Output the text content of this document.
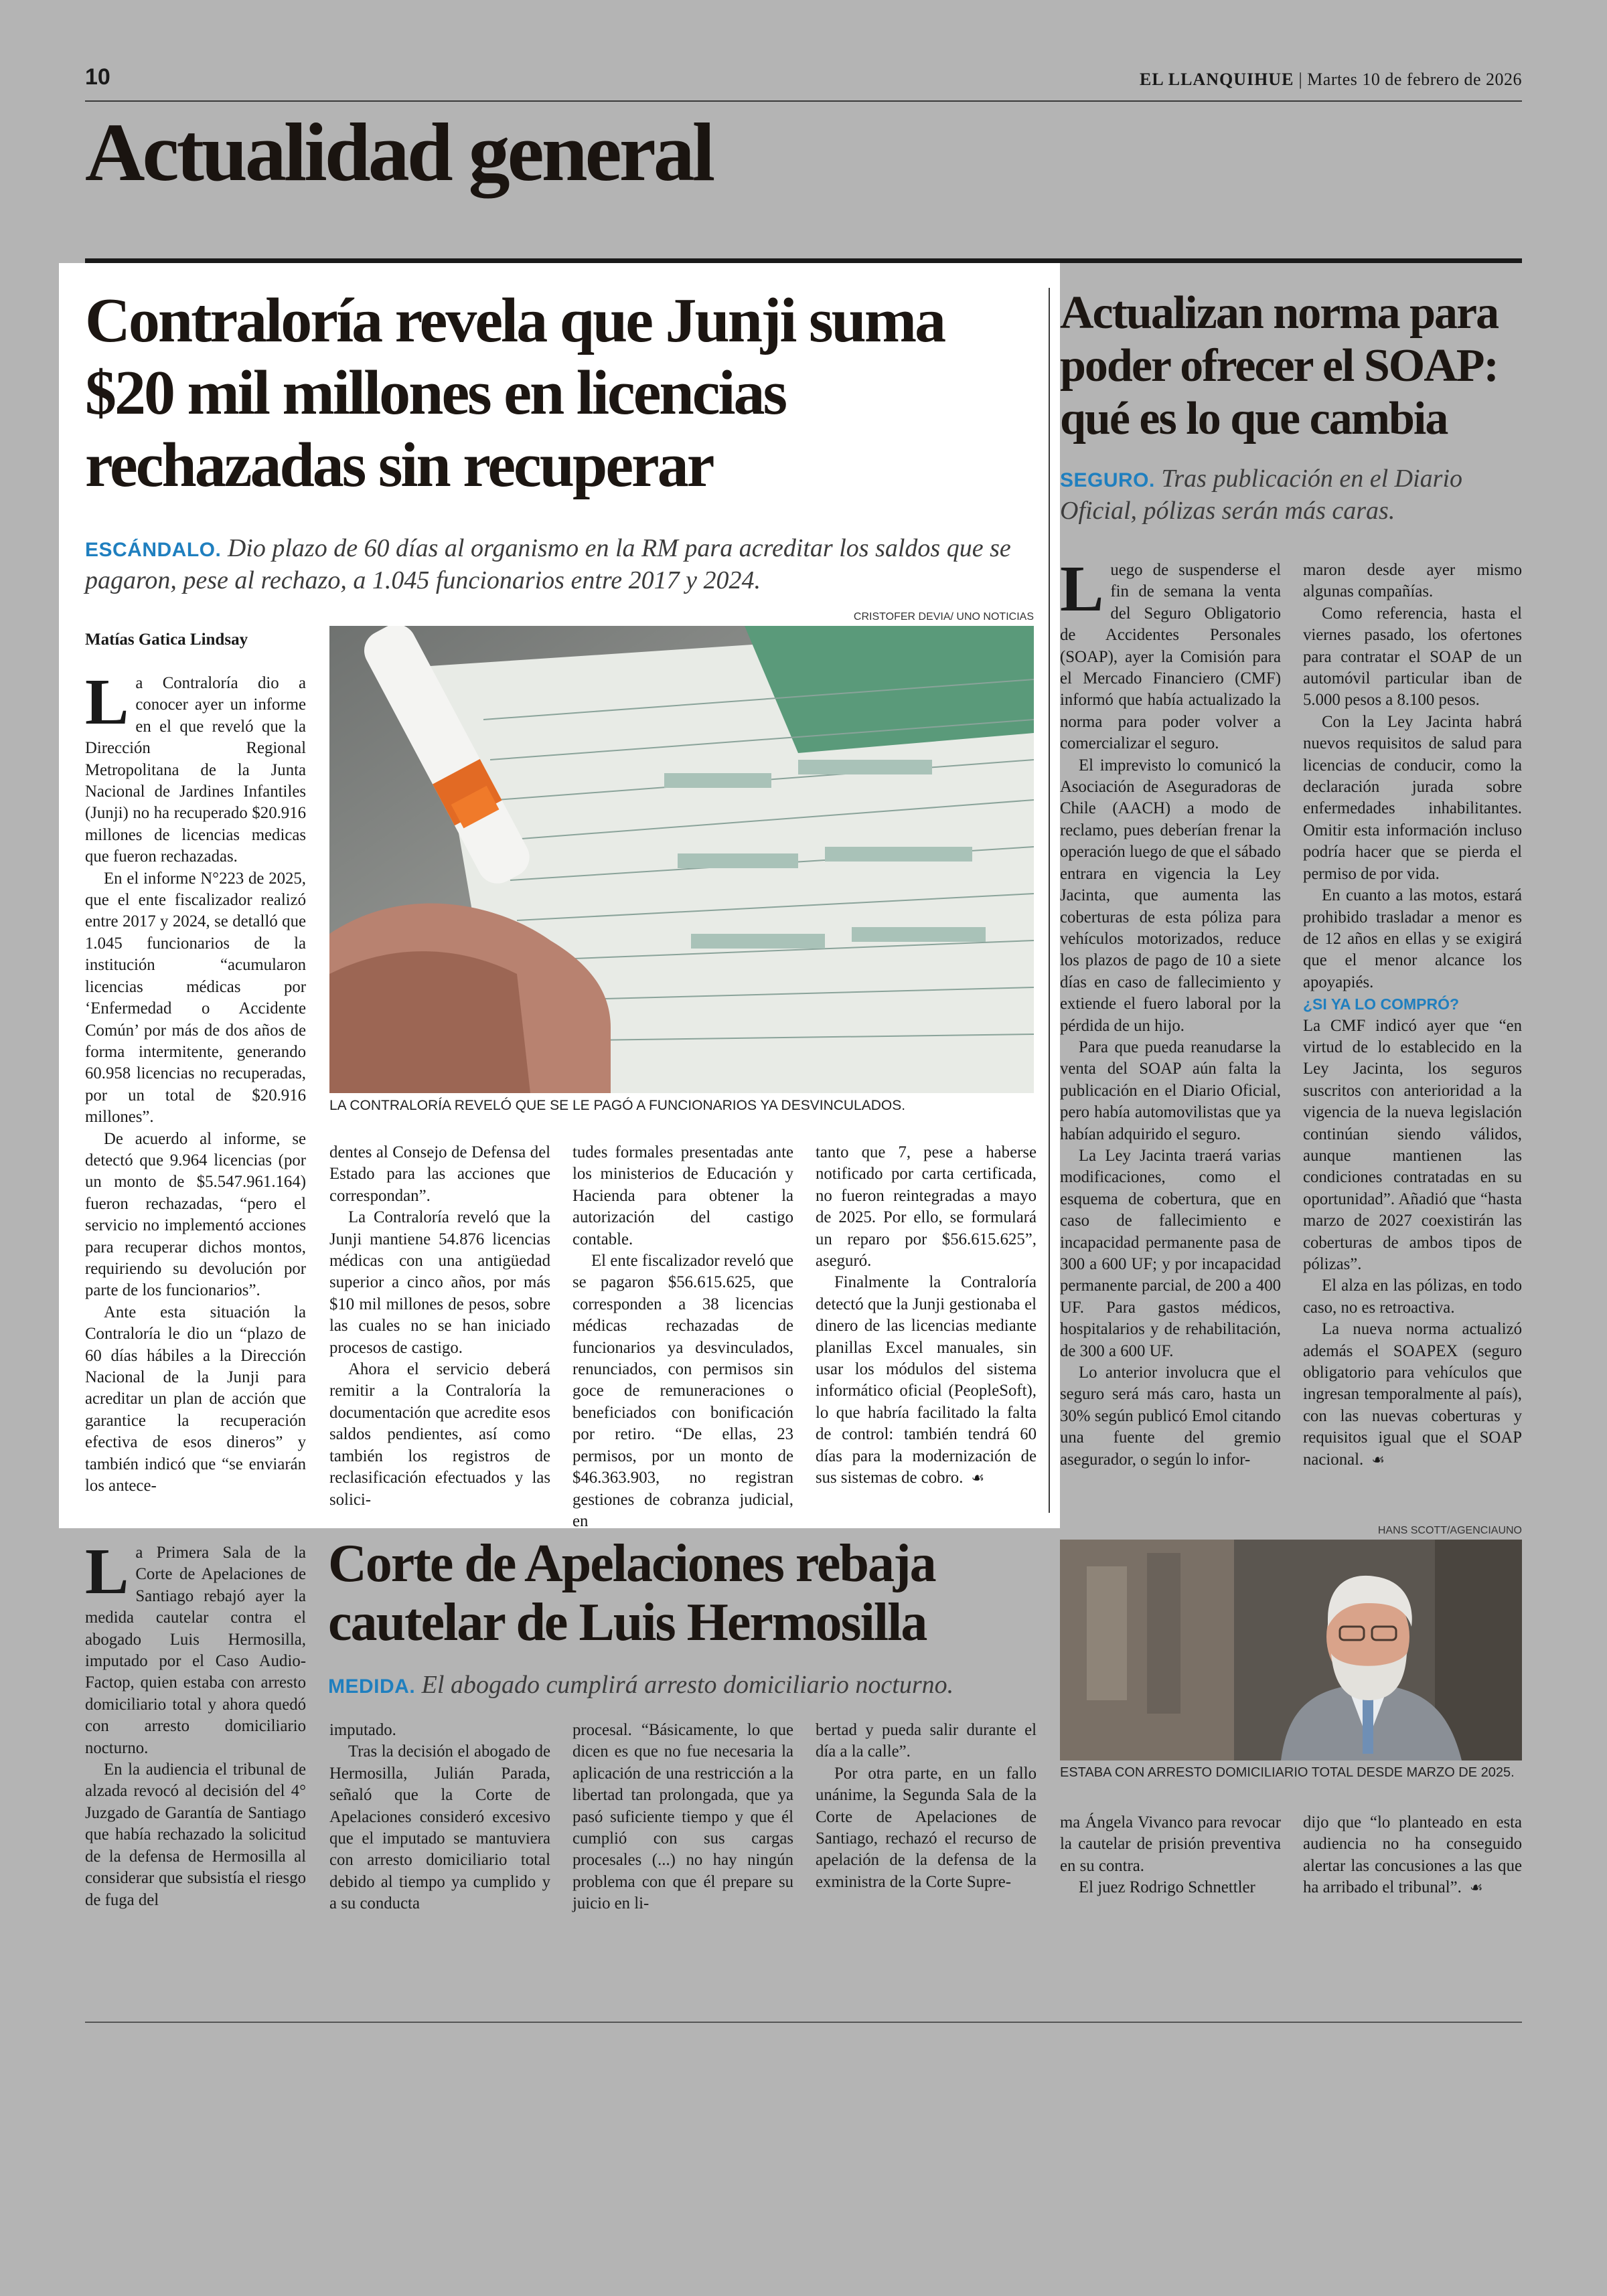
10	EL LLANQUIHUE | Martes 10 de febrero de 2026
Actualidad general
Contraloría revela que Junji suma $20 mil millones en licencias rechazadas sin recuperar
ESCÁNDALO. Dio plazo de 60 días al organismo en la RM para acreditar los saldos que se pagaron, pese al rechazo, a 1.045 funcionarios entre 2017 y 2024.
Matías Gatica Lindsay
CRISTOFER DEVIA/ UNO NOTICIAS
LA CONTRALORÍA REVELÓ QUE SE LE PAGÓ A FUNCIONARIOS YA DESVINCULADOS.

La Contraloría dio a conocer ayer un informe en el que reveló que la Dirección Regional Metropolitana de la Junta Nacional de Jardines Infantiles (Junji) no ha recuperado $20.916 millones de licencias medicas que fueron rechazadas.

En el informe N°223 de 2025, que el ente fiscalizador realizó entre 2017 y 2024, se detalló que 1.045 funcionarios de la institución “acumularon licencias médicas por ‘Enfermedad o Accidente Común’ por más de dos años de forma intermitente, generando 60.958 licencias no recuperadas, por un total de $20.916 millones”.

De acuerdo al informe, se detectó que 9.964 licencias (por un monto de $5.547.961.164) fueron rechazadas, “pero el servicio no implementó acciones para recuperar dichos montos, requiriendo su devolución por parte de los funcionarios”.

Ante esta situación la Contraloría le dio un “plazo de 60 días hábiles a la Dirección Nacional de la Junji para acreditar un plan de acción que garantice la recuperación efectiva de esos dineros” y también indicó que “se enviarán los antece-

dentes al Consejo de Defensa del Estado para las acciones que correspondan”.

La Contraloría reveló que la Junji mantiene 54.876 licencias médicas con una antigüedad superior a cinco años, por más $10 mil millones de pesos, sobre las cuales no se han iniciado procesos de castigo.

Ahora el servicio deberá remitir a la Contraloría la documentación que acredite esos saldos pendientes, así como también los registros de reclasificación efectuados y las solici-

tudes formales presentadas ante los ministerios de Educación y Hacienda para obtener la autorización del castigo contable.

El ente fiscalizador reveló que se pagaron $56.615.625, que corresponden a 38 licencias médicas rechazadas de funcionarios ya desvinculados, renunciados, con permisos sin goce de remuneraciones o beneficiados con bonificación por retiro. “De ellas, 23 permisos, por un monto de $46.363.903, no registran gestiones de cobranza judicial, en

tanto que 7, pese a haberse notificado por carta certificada, no fueron reintegradas a mayo de 2025. Por ello, se formulará un reparo por $56.615.625”, aseguró.

Finalmente la Contraloría detectó que la Junji gestionaba el dinero de las licencias mediante planillas Excel manuales, sin usar los módulos del sistema informático oficial (PeopleSoft), lo que habría facilitado la falta de control: también tendrá 60 días para la modernización de sus sistemas de cobro. ☙

Actualizan norma para poder ofrecer el SOAP: qué es lo que cambia
SEGURO. Tras publicación en el Diario Oficial, pólizas serán más caras.

Luego de suspenderse el fin de semana la venta del Seguro Obligatorio de Accidentes Personales (SOAP), ayer la Comisión para el Mercado Financiero (CMF) informó que había actualizado la norma para poder volver a comercializar el seguro.

El imprevisto lo comunicó la Asociación de Aseguradoras de Chile (AACH) a modo de reclamo, pues deberían frenar la operación luego de que el sábado entrara en vigencia la Ley Jacinta, que aumenta las coberturas de esta póliza para vehículos motorizados, reduce los plazos de pago de 10 a siete días en caso de fallecimiento y extiende el fuero laboral por la pérdida de un hijo.

Para que pueda reanudarse la venta del SOAP aún falta la publicación en el Diario Oficial, pero había automovilistas que ya habían adquirido el seguro.

La Ley Jacinta traerá varias modificaciones, como el esquema de cobertura, que en caso de fallecimiento e incapacidad permanente pasa de 300 a 600 UF; y por incapacidad permanente parcial, de 200 a 400 UF. Para gastos médicos, hospitalarios y de rehabilitación, de 300 a 600 UF.

Lo anterior involucra que el seguro será más caro, hasta un 30% según publicó Emol citando una fuente del gremio asegurador, o según lo infor-

maron desde ayer mismo algunas compañías.

Como referencia, hasta el viernes pasado, los ofertones para contratar el SOAP de un automóvil particular iban de 5.000 pesos a 8.100 pesos.

Con la Ley Jacinta habrá nuevos requisitos de salud para licencias de conducir, como la declaración jurada sobre enfermedades inhabilitantes. Omitir esta información incluso podría hacer que se pierda el permiso de por vida.

En cuanto a las motos, estará prohibido trasladar a menor es de 12 años en ellas y se exigirá que el menor alcance los apoyapiés.

¿SI YA LO COMPRÓ?

La CMF indicó ayer que “en virtud de lo establecido en la Ley Jacinta, los seguros suscritos con anterioridad a la vigencia de la nueva legislación continúan siendo válidos, aunque mantienen las condiciones contratadas en su oportunidad”. Añadió que “hasta marzo de 2027 coexistirán las coberturas de ambos tipos de pólizas”.

El alza en las pólizas, en todo caso, no es retroactiva.

La nueva norma actualizó además el SOAPEX (seguro obligatorio para vehículos que ingresan temporalmente al país), con las nuevas coberturas y requisitos igual que el SOAP nacional. ☙

La Primera Sala de la Corte de Apelaciones de Santiago rebajó ayer la medida cautelar contra el abogado Luis Hermosilla, imputado por el Caso Audio- Factop, quien estaba con arresto domiciliario total y ahora quedó con arresto domiciliario nocturno.

En la audiencia el tribunal de alzada revocó al decisión del 4° Juzgado de Garantía de Santiago que había rechazado la solicitud de la defensa de Hermosilla al considerar que subsistía el riesgo de fuga del

Corte de Apelaciones rebaja cautelar de Luis Hermosilla
MEDIDA. El abogado cumplirá arresto domiciliario nocturno.

imputado.

Tras la decisión el abogado de Hermosilla, Julián Parada, señaló que la Corte de Apelaciones consideró excesivo que el imputado se mantuviera con arresto domiciliario total debido al tiempo ya cumplido y a su conducta

procesal. “Básicamente, lo que dicen es que no fue necesaria la aplicación de una restricción a la libertad tan prolongada, que ya pasó suficiente tiempo y que él cumplió con sus cargas procesales (...) no hay ningún problema con que él prepare su juicio en li-

bertad y pueda salir durante el día a la calle”.

Por otra parte, en un fallo unánime, la Segunda Sala de la Corte de Apelaciones de Santiago, rechazó el recurso de apelación de la defensa de la exministra de la Corte Supre-

HANS SCOTT/AGENCIAUNO
ESTABA CON ARRESTO DOMICILIARIO TOTAL DESDE MARZO DE 2025.

ma Ángela Vivanco para revocar la cautelar de prisión preventiva en su contra.

El juez Rodrigo Schnettler

dijo que “lo planteado en esta audiencia no ha conseguido alertar las concusiones a las que ha arribado el tribunal”. ☙
